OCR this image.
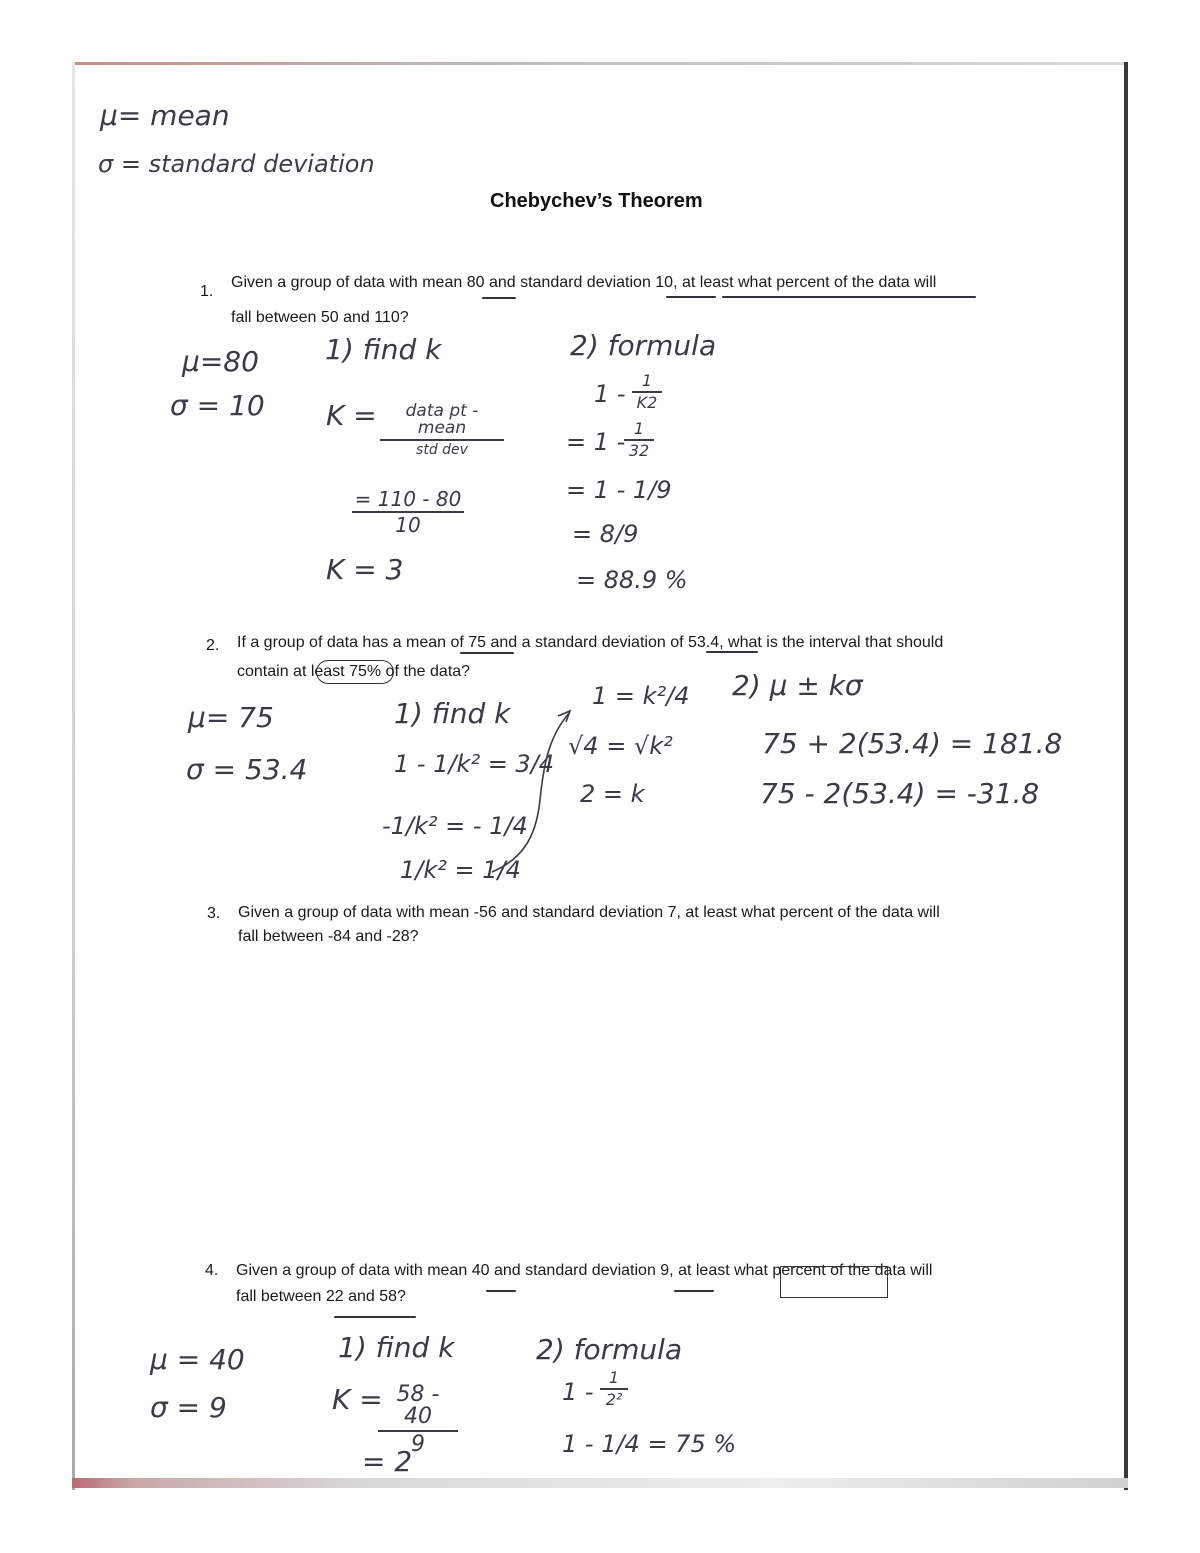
μ= mean
σ = standard deviation
Chebychev’s Theorem
1.
Given a group of data with mean 80 and standard deviation 10, at least what percent of the data will
fall between 50 and 110?
μ=80
σ = 10
1) find k	2) formula
K =	data pt - mean
std dev
$\frac{= 110 - 80}{10}$
K = 3
$1 - \frac{1}{K2}$
= 1 -
$\frac{1}{32}$
= 1 - 1/9
= 8/9
= 88.9 %
2. If a group of data has a mean of 75 and a standard deviation of 53.4, what is the interval that should
contain at least 75% of the data?
μ= 75
σ = 53.4
1) find k
1 - 1/k² = 3/4
-1/k² = - 1/4
1/k² = 1/4
1 = k²/4
√4 = √k²
2 = k
2) μ ± kσ
75 + 2(53.4) = 181.8
75 - 2(53.4) = -31.8
3. Given a group of data with mean -56 and standard deviation 7, at least what percent of the data will
fall between -84 and -28?
4. Given a group of data with mean 40 and standard deviation 9, at least what percent of the data will
fall between 22 and 58?
μ = 40
σ = 9
1) find k	2) formula
K =
$\frac{58 - 40}{9}$
= 2
$1 - \frac{1}{\text{2²}}$
1 - 1/4 = 75 %
